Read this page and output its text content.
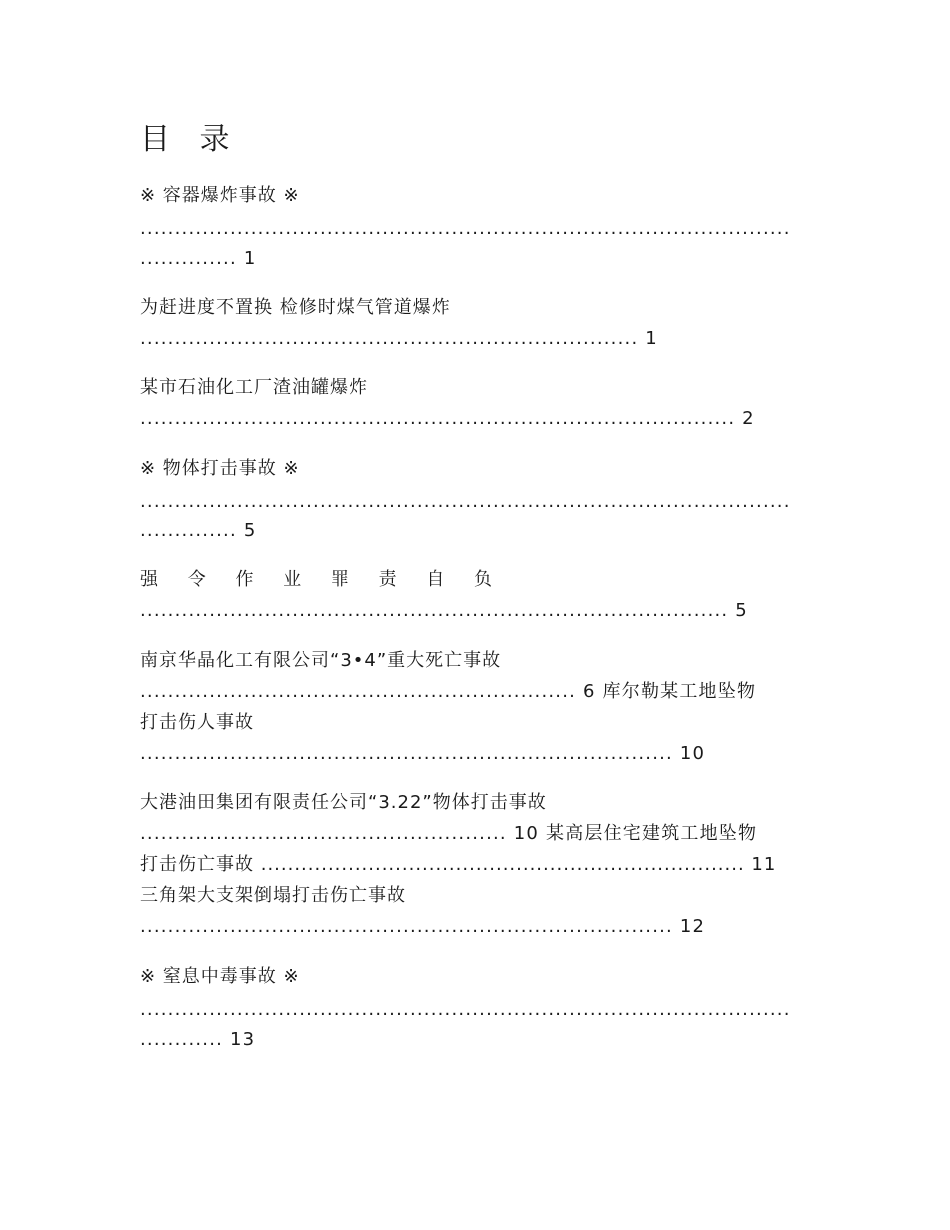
目 录
※ 容器爆炸事故 ※
..............................................................................................
.............. 1
为赶进度不置换 检修时煤气管道爆炸
........................................................................ 1
某市石油化工厂渣油罐爆炸
...................................................................................... 2
※ 物体打击事故 ※
..............................................................................................
.............. 5
强 令 作 业 罪 责 自 负
..................................................................................... 5
南京华晶化工有限公司“3•4”重大死亡事故
............................................................... 6 库尔勒某工地坠物
打击伤人事故
............................................................................. 10
大港油田集团有限责任公司“3.22”物体打击事故
..................................................... 10 某高层住宅建筑工地坠物
打击伤亡事故 ........................................................................ 11
三角架大支架倒塌打击伤亡事故
............................................................................. 12
※ 窒息中毒事故 ※
..............................................................................................
............ 13
